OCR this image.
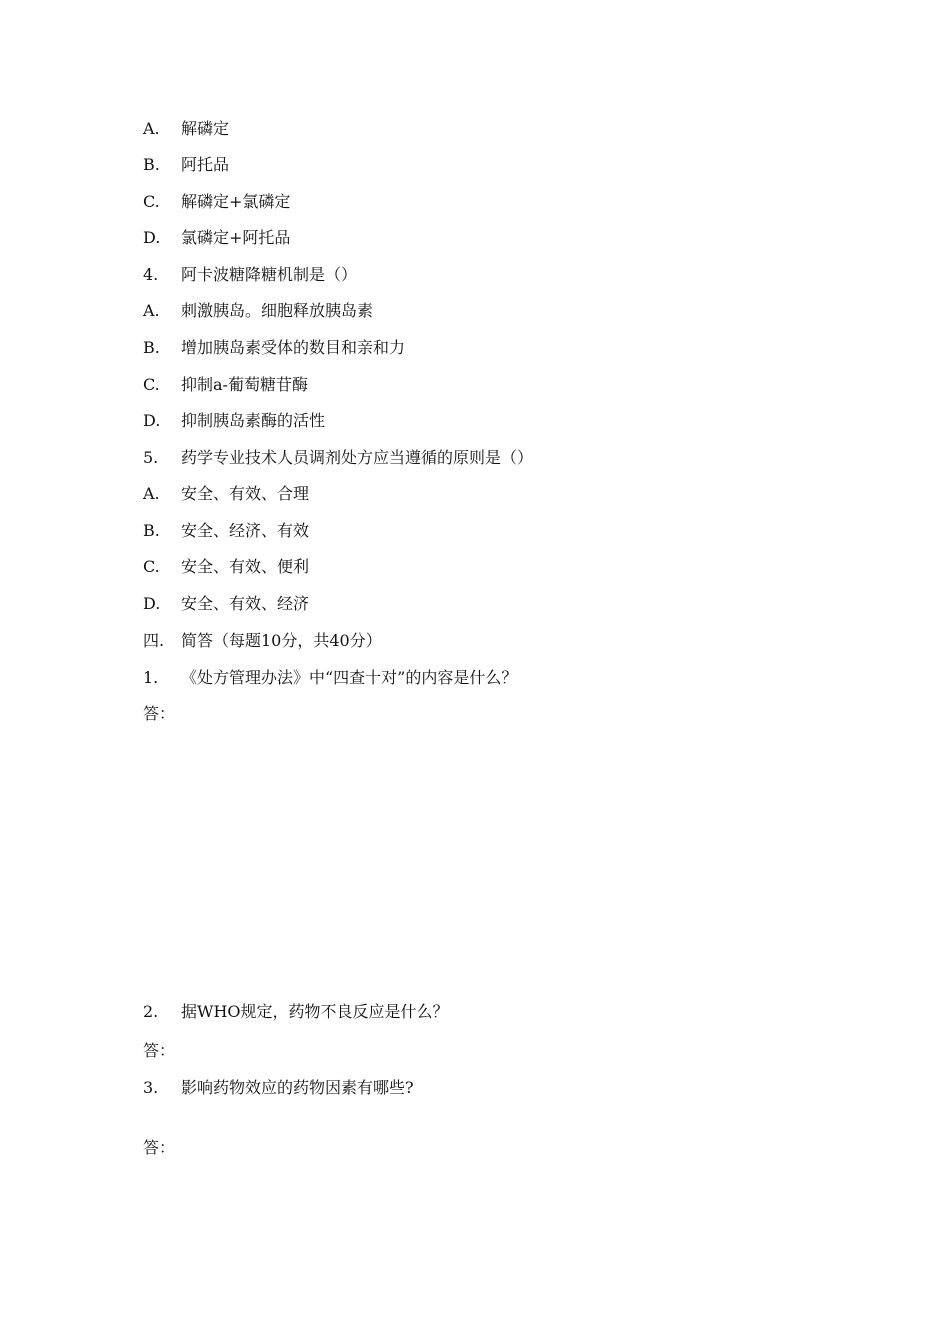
A. 解磷定
B. 阿托品
C. 解磷定+氯磷定
D. 氯磷定+阿托品
4. 阿卡波糖降糖机制是（）
A. 刺激胰岛。细胞释放胰岛素
B. 增加胰岛素受体的数目和亲和力
C. 抑制a-葡萄糖苷酶
D. 抑制胰岛素酶的活性
5. 药学专业技术人员调剂处方应当遵循的原则是（）
A. 安全、有效、合理
B. 安全、经济、有效
C. 安全、有效、便利
D. 安全、有效、经济
四. 简答（每题10分，共40分）
1. 《处方管理办法》中“四查十对”的内容是什么？
答：
2. 据WHO规定，药物不良反应是什么？
答：
3. 影响药物效应的药物因素有哪些?
答：
